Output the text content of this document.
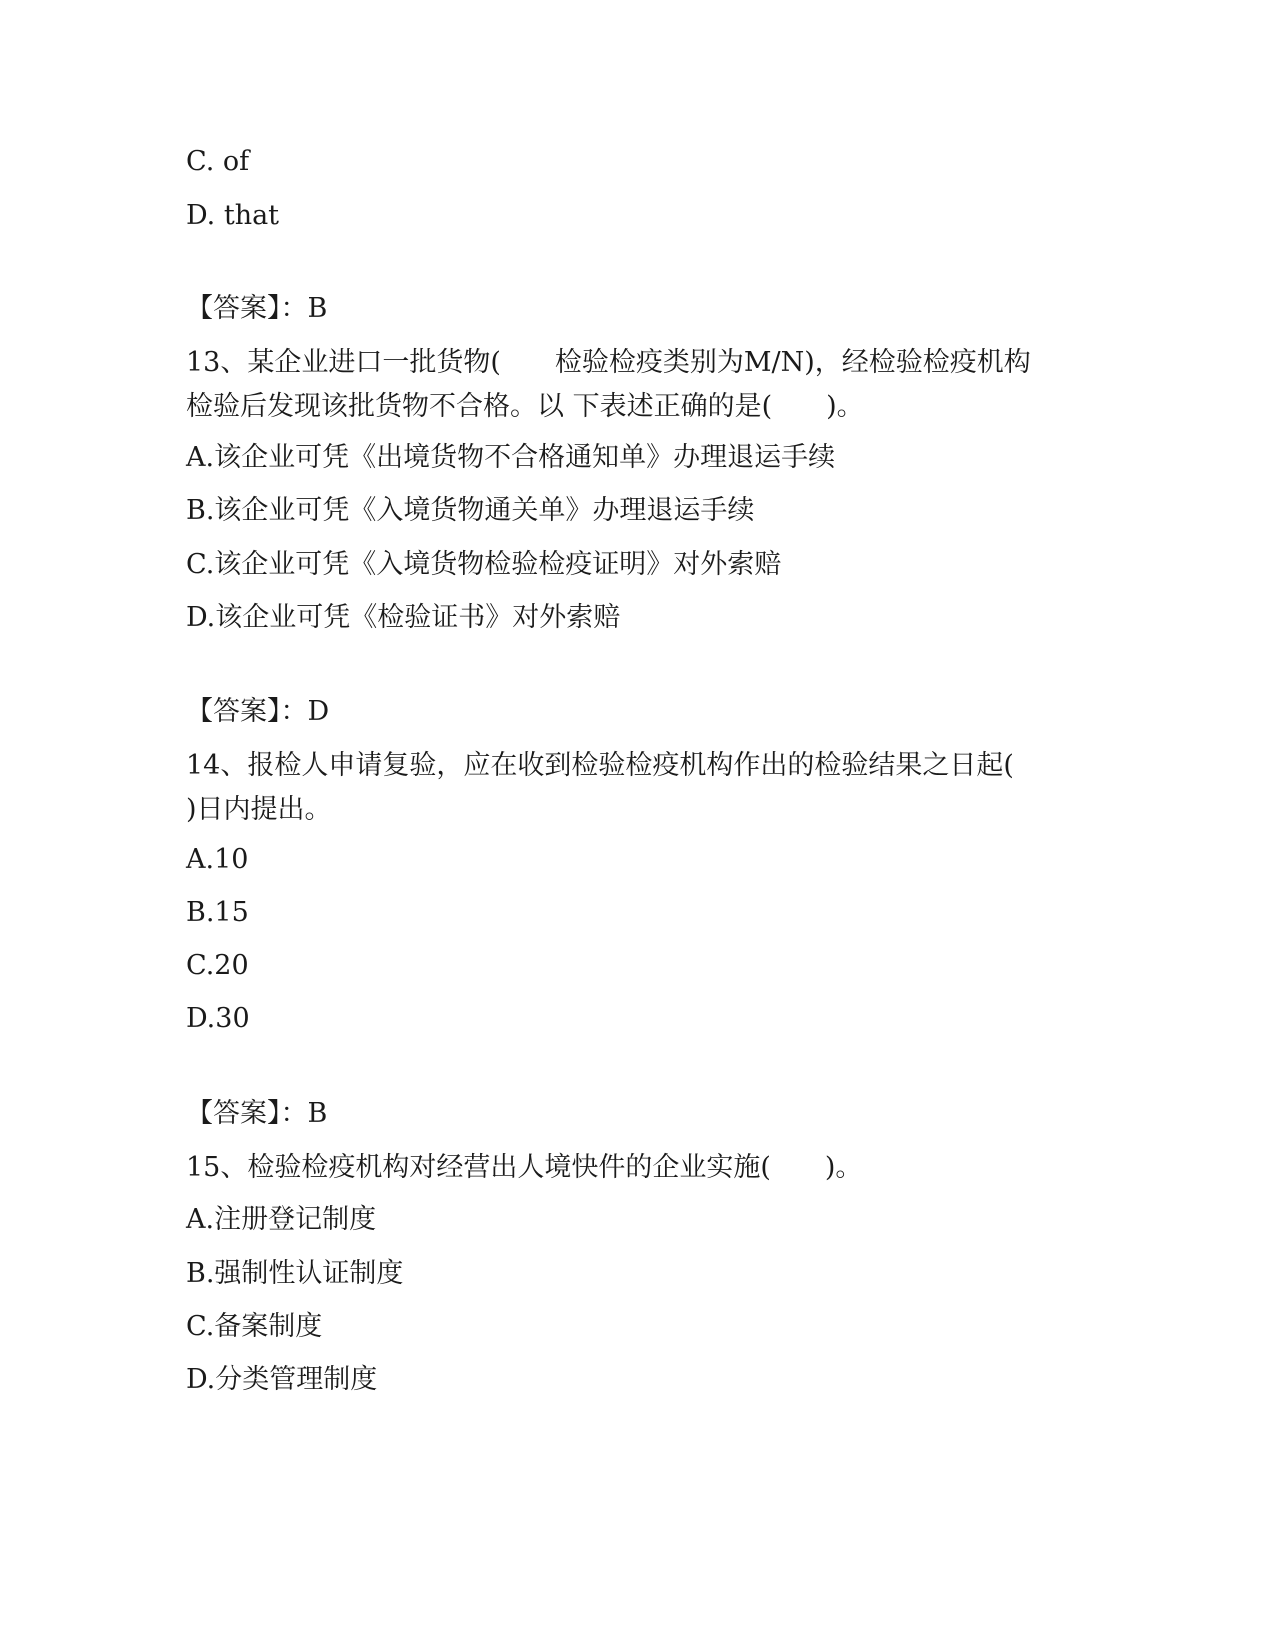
C. of
D. that
【答案】：B
13、某企业进口一批货物(　　检验检疫类别为M/N)，经检验检疫机构
检验后发现该批货物不合格。以 下表述正确的是(　　)。
A.该企业可凭《出境货物不合格通知单》办理退运手续
B.该企业可凭《入境货物通关单》办理退运手续
C.该企业可凭《入境货物检验检疫证明》对外索赔
D.该企业可凭《检验证书》对外索赔
【答案】：D
14、报检人申请复验，应在收到检验检疫机构作出的检验结果之日起(
)日内提出。
A.10
B.15
C.20
D.30
【答案】：B
15、检验检疫机构对经营出人境快件的企业实施(　　)。
A.注册登记制度
B.强制性认证制度
C.备案制度
D.分类管理制度
